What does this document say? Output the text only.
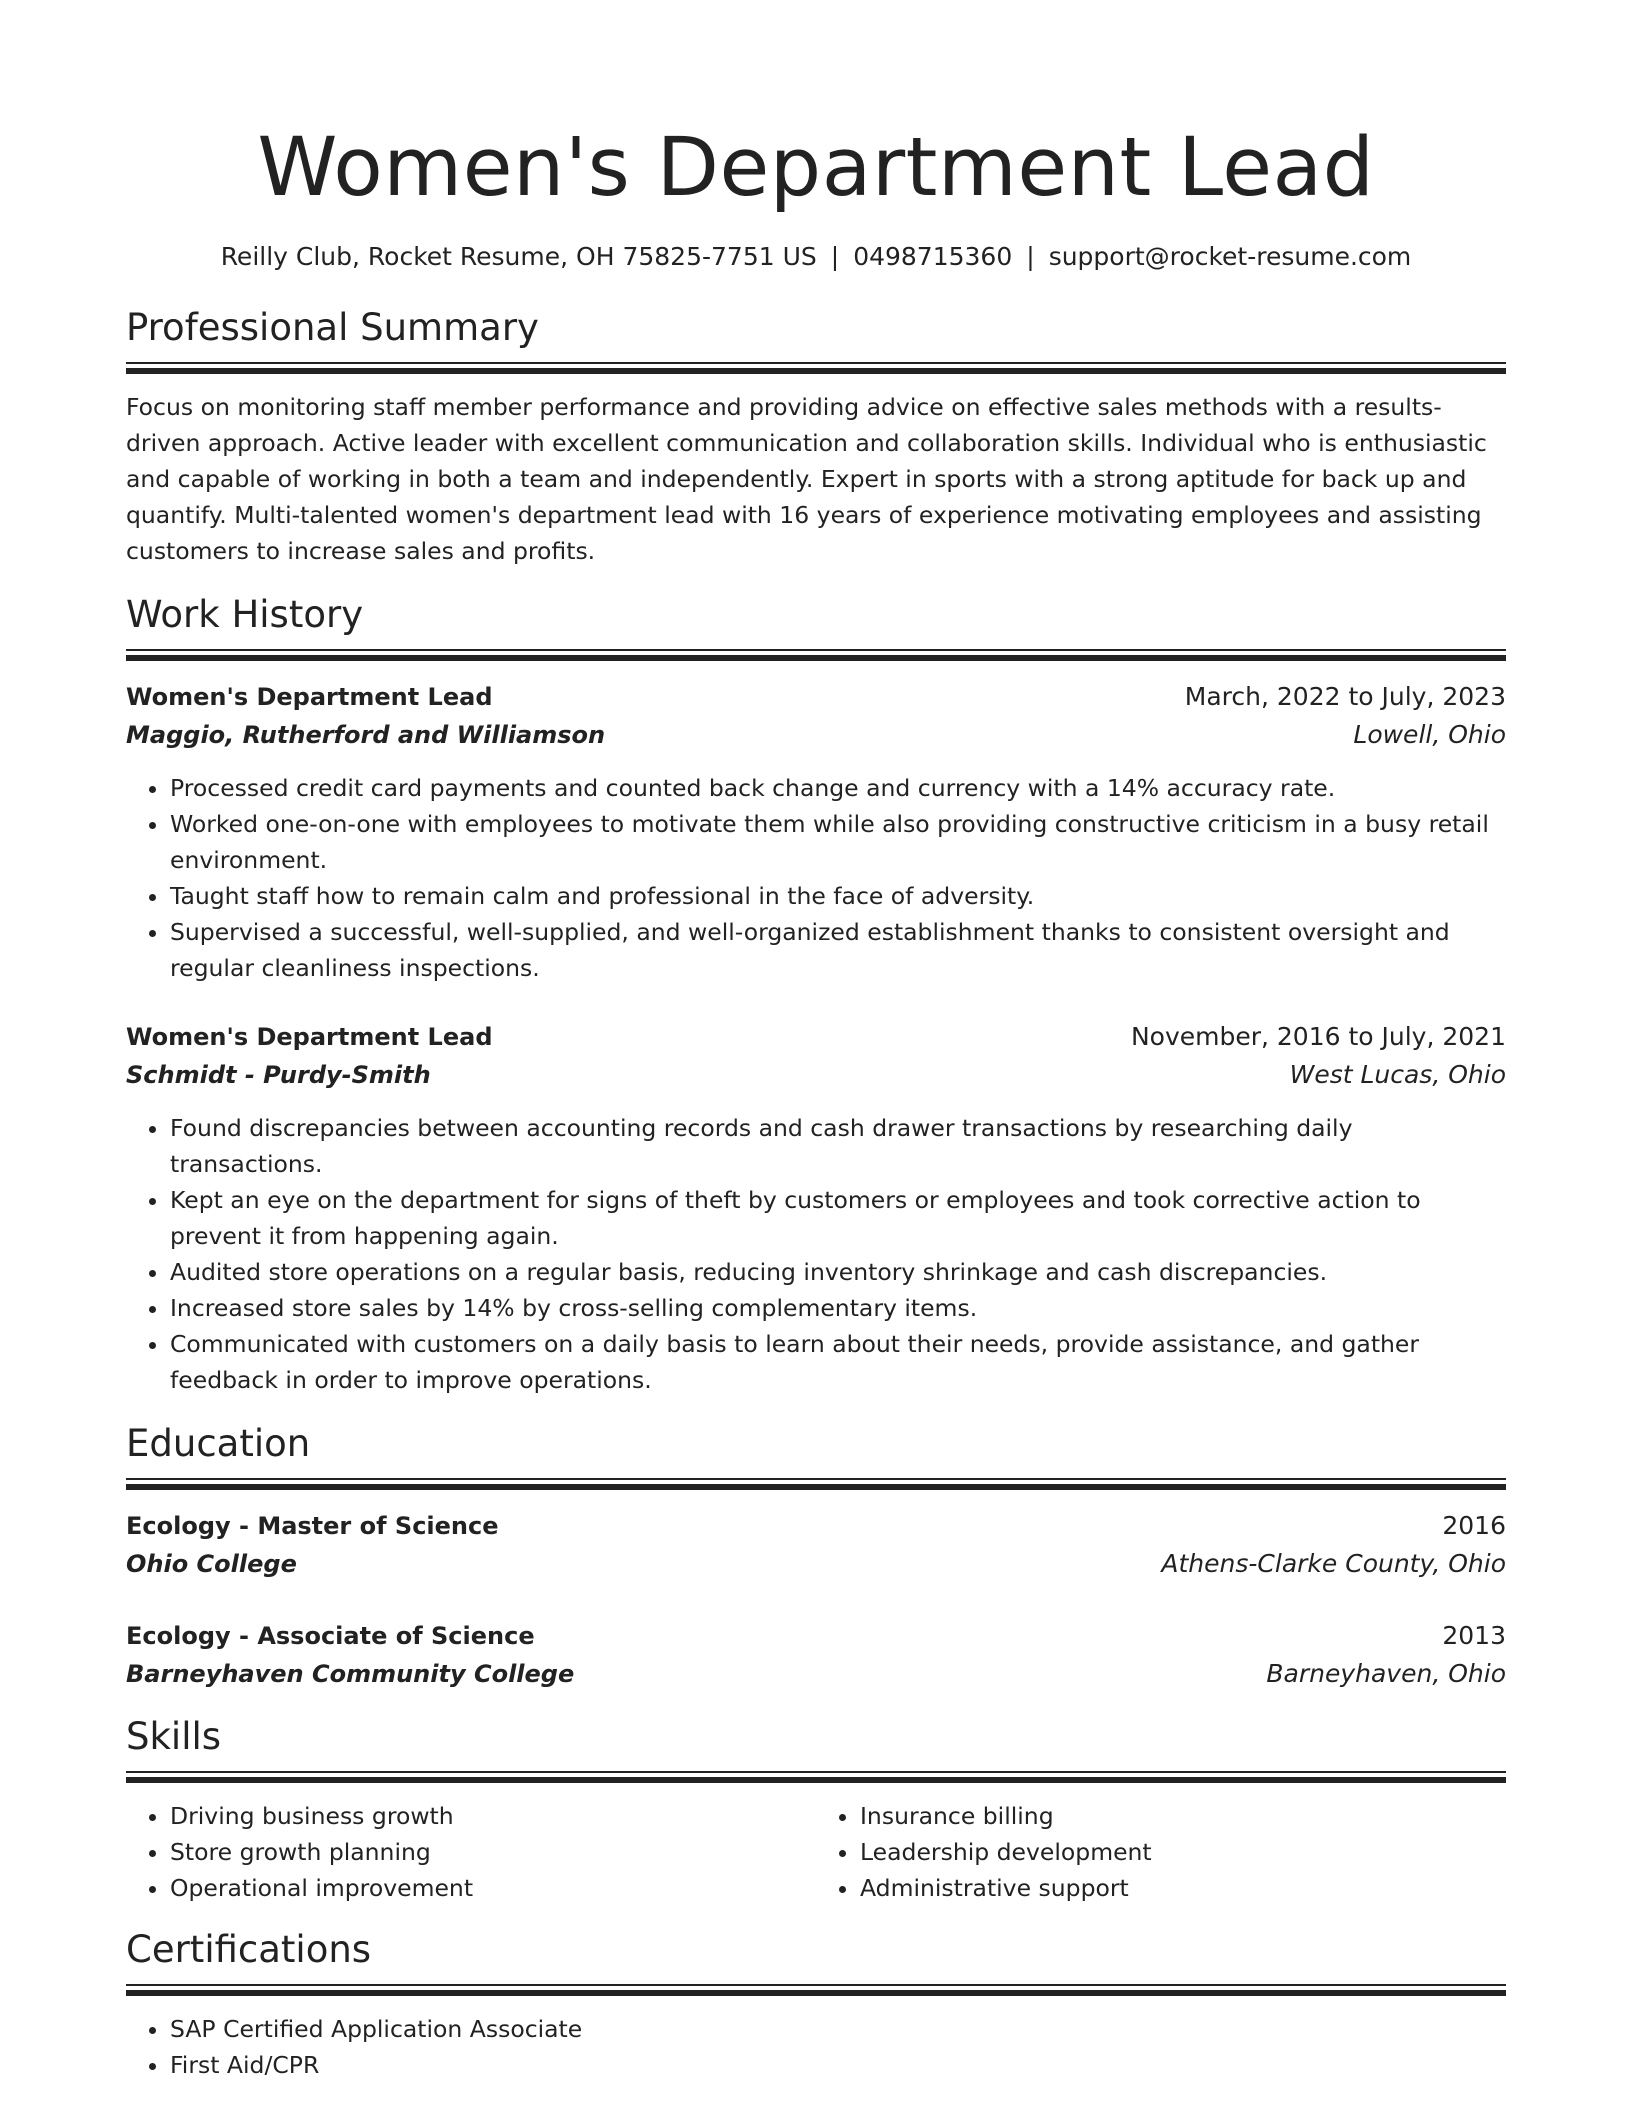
Women's Department Lead
Reilly Club, Rocket Resume, OH 75825-7751 US | 0498715360 | support@rocket-resume.com
Professional Summary
Focus on monitoring staff member performance and providing advice on effective sales methods with a results-driven approach. Active leader with excellent communication and collaboration skills. Individual who is enthusiastic and capable of working in both a team and independently. Expert in sports with a strong aptitude for back up and quantify. Multi-talented women's department lead with 16 years of experience motivating employees and assisting customers to increase sales and profits.
Work History
Women's Department Lead	March, 2022 to July, 2023
Maggio, Rutherford and Williamson	Lowell, Ohio
• Processed credit card payments and counted back change and currency with a 14% accuracy rate.
• Worked one-on-one with employees to motivate them while also providing constructive criticism in a busy retail environment.
• Taught staff how to remain calm and professional in the face of adversity.
• Supervised a successful, well-supplied, and well-organized establishment thanks to consistent oversight and regular cleanliness inspections.
Women's Department Lead	November, 2016 to July, 2021
Schmidt - Purdy-Smith	West Lucas, Ohio
• Found discrepancies between accounting records and cash drawer transactions by researching daily transactions.
• Kept an eye on the department for signs of theft by customers or employees and took corrective action to prevent it from happening again.
• Audited store operations on a regular basis, reducing inventory shrinkage and cash discrepancies.
• Increased store sales by 14% by cross-selling complementary items.
• Communicated with customers on a daily basis to learn about their needs, provide assistance, and gather feedback in order to improve operations.
Education
Ecology - Master of Science	2016
Ohio College	Athens-Clarke County, Ohio
Ecology - Associate of Science	2013
Barneyhaven Community College	Barneyhaven, Ohio
Skills
• Driving business growth
• Store growth planning
• Operational improvement
• Insurance billing
• Leadership development
• Administrative support
Certifications
• SAP Certified Application Associate
• First Aid/CPR
